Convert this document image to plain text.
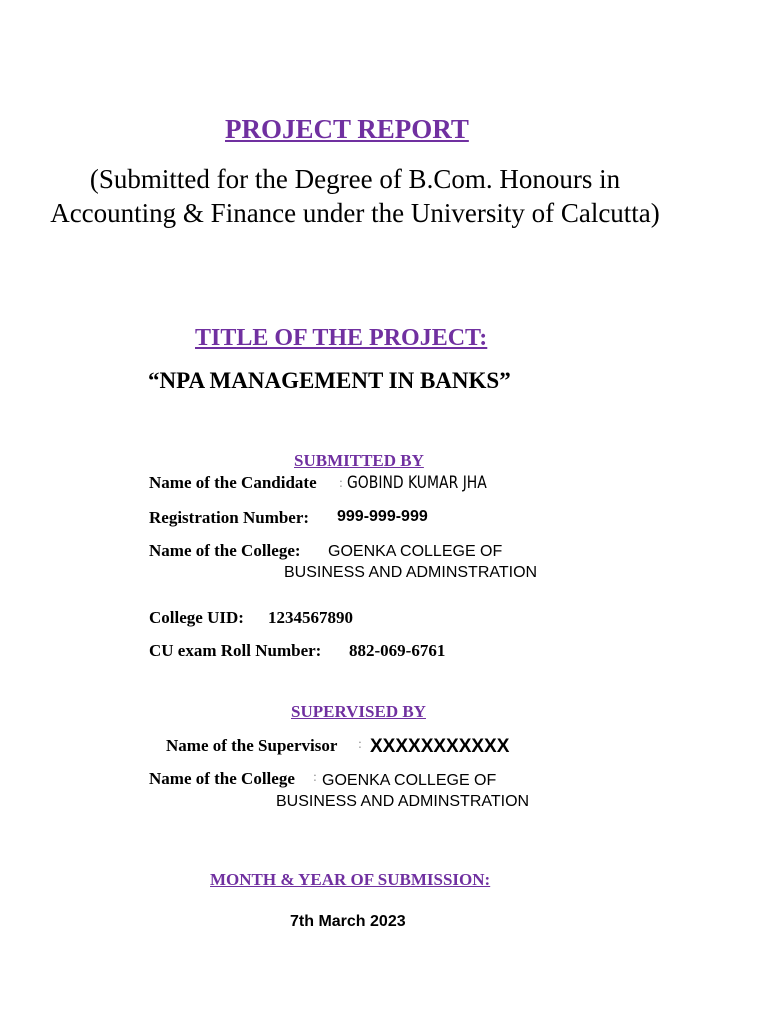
PROJECT REPORT
(Submitted for the Degree of B.Com. Honours in Accounting & Finance under the University of Calcutta)
TITLE OF THE PROJECT:
“NPA MANAGEMENT IN BANKS”
SUBMITTED BY
Name of the Candidate : GOBIND KUMAR JHA
Registration Number: 999-999-999
Name of the College: GOENKA COLLEGE OF
BUSINESS AND ADMINSTRATION
College UID: 1234567890
CU exam Roll Number: 882-069-6761
SUPERVISED BY
Name of the Supervisor : XXXXXXXXXXX
Name of the College : GOENKA COLLEGE OF
BUSINESS AND ADMINSTRATION
MONTH & YEAR OF SUBMISSION:
7th March 2023
